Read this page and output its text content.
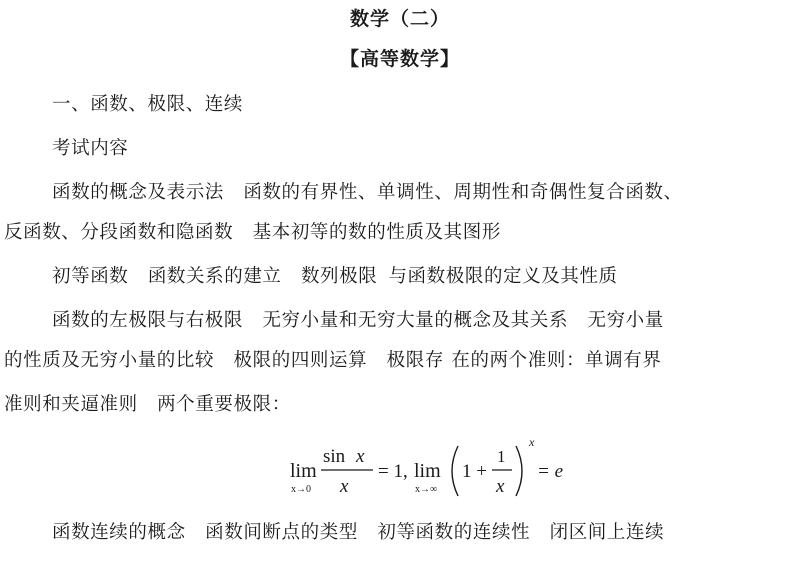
数学（二）
【高等数学】
一、函数、极限、连续
考试内容
函数的概念及表示法 函数的有界性、单调性、周期性和奇偶性复合函数、
反函数、分段函数和隐函数 基本初等的数的性质及其图形
初等函数 函数关系的建立 数列极限 与函数极限的定义及其性质
函数的左极限与右极限 无穷小量和无穷大量的概念及其关系 无穷小量
的性质及无穷小量的比较 极限的四则运算 极限存 在的两个准则：单调有界
准则和夹逼准则 两个重要极限：
lim
x→0
sin x
x
= 1, lim
x→∞
1 +
1
x
x
= e
函数连续的概念 函数间断点的类型 初等函数的连续性 闭区间上连续
